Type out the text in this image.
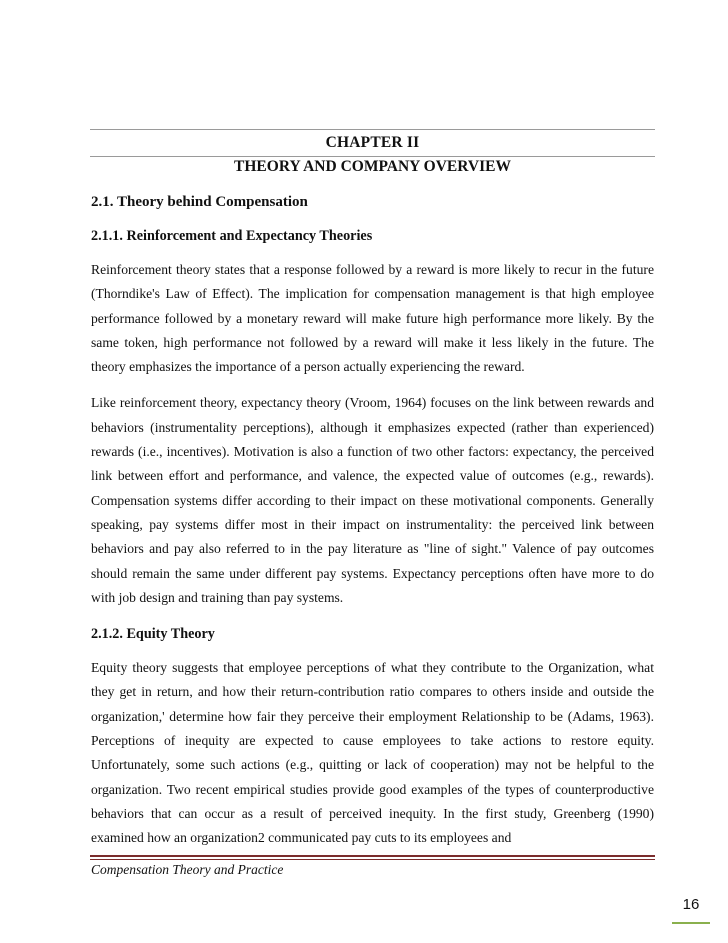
CHAPTER II
THEORY AND COMPANY OVERVIEW
2.1. Theory behind Compensation
2.1.1. Reinforcement and Expectancy Theories

Reinforcement theory states that a response followed by a reward is more likely to recur in the future (Thorndike's Law of Effect). The implication for compensation management is that high employee performance followed by a monetary reward will make future high performance more likely. By the same token, high performance not followed by a reward will make it less likely in the future. The theory emphasizes the importance of a person actually experiencing the reward.

Like reinforcement theory, expectancy theory (Vroom, 1964) focuses on the link between rewards and behaviors (instrumentality perceptions), although it emphasizes expected (rather than experienced) rewards (i.e., incentives). Motivation is also a function of two other factors: expectancy, the perceived link between effort and performance, and valence, the expected value of outcomes (e.g., rewards). Compensation systems differ according to their impact on these motivational components. Generally speaking, pay systems differ most in their impact on instrumentality: the perceived link between behaviors and pay also referred to in the pay literature as "line of sight." Valence of pay outcomes should remain the same under different pay systems. Expectancy perceptions often have more to do with job design and training than pay systems.

2.1.2. Equity Theory

Equity theory suggests that employee perceptions of what they contribute to the Organization, what they get in return, and how their return-contribution ratio compares to others inside and outside the organization,' determine how fair they perceive their employment Relationship to be (Adams, 1963). Perceptions of inequity are expected to cause employees to take actions to restore equity. Unfortunately, some such actions (e.g., quitting or lack of cooperation) may not be helpful to the organization. Two recent empirical studies provide good examples of the types of counterproductive behaviors that can occur as a result of perceived inequity. In the first study, Greenberg (1990) examined how an organization2 communicated pay cuts to its employees and

Compensation Theory and Practice
16
